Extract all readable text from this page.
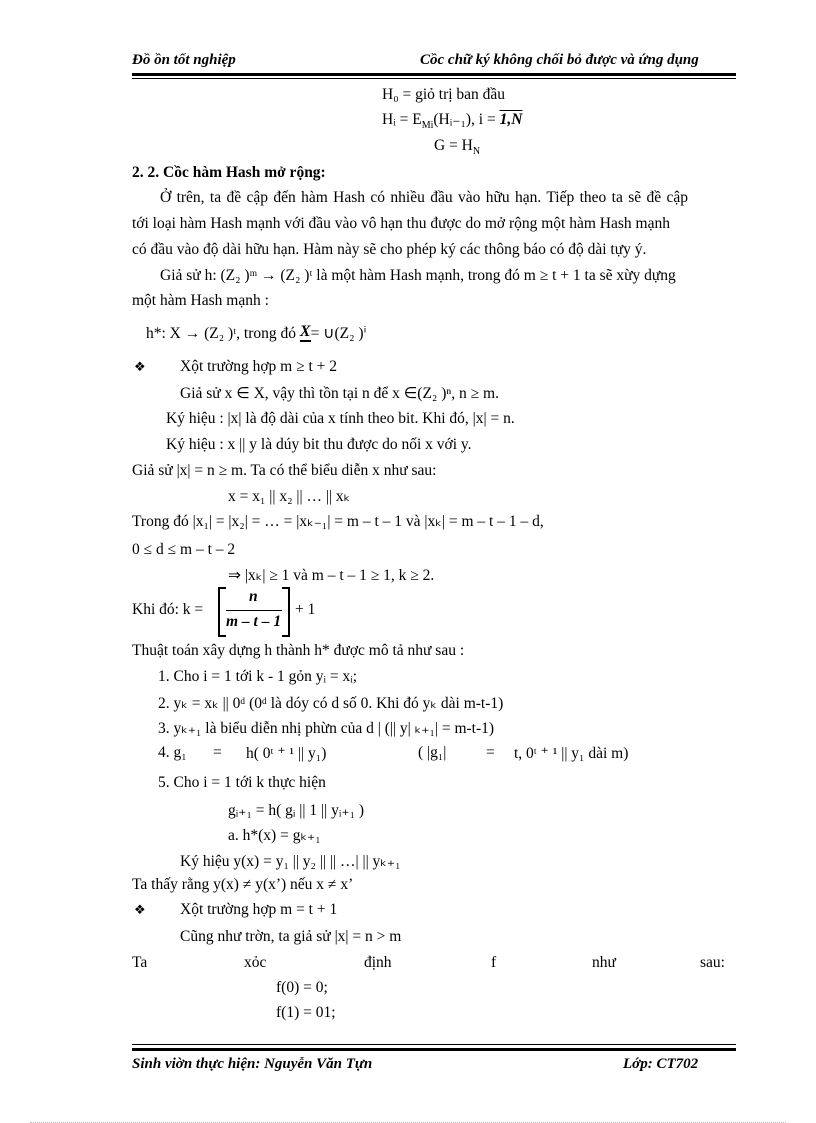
Đồ ồn tốt nghiệp	Cồc chữ ký không chối bỏ được và ứng dụng
H₀ = giỏ trị ban đầu
Hᵢ = $E_{Mi}(Hᵢ_{-1})$, i = 1,N
$G = H_N$
2. 2. Cồc hàm Hash mở rộng:
Ở trên, ta đề cập đến hàm Hash có nhiều đầu vào hữu hạn. Tiếp theo ta sẽ đề cập
tới loại hàm Hash mạnh với đầu vào vô hạn thu được do mở rộng một hàm Hash mạnh
có đầu vào độ dài hữu hạn. Hàm này sẽ cho phép ký các thông báo có độ dài tựy ý.
Giả sử h: (Z₂ )ᵐ → (Z₂ )ᵗ là một hàm Hash mạnh, trong đó m ≥ t + 1 ta sẽ xừy dựng
một hàm Hash mạnh :
h*: X → (Z₂ )ᵗ, trong đó X= ∪(Z₂ )ⁱ
❖ Xột trường hợp m ≥ t + 2
Giả sử x ∈ X, vậy thì tồn tại n để x ∈(Z₂ )ⁿ, n ≥ m.
Ký hiệu : |x| là độ dài của x tính theo bit. Khi đó, |x| = n.
Ký hiệu : x || y là dúy bit thu được do nối x với y.
Giả sử |x| = n ≥ m. Ta có thể biểu diễn x như sau:
x = x₁ || x₂ || … || xₖ
Trong đó |x₁| = |x₂| = … = |xₖ₋₁| = m – t – 1 và |xₖ| = m – t – 1 – d,
0 ≤ d ≤ m – t – 2
⇒ |xₖ| ≥ 1 và m – t – 1 ≥ 1, k ≥ 2.
Khi đó: k =
n
m – t – 1
+ 1
Thuật toán xây dựng h thành h* được mô tả như sau :
1. Cho i = 1 tới k - 1 gỏn yᵢ = xᵢ;
2. yₖ = xₖ || 0ᵈ (0ᵈ là dóy có d số 0. Khi đó yₖ dài m-t-1)
3. yₖ₊₁ là biểu diễn nhị phừn của d | (|| y| ₖ₊₁| = m-t-1)
4. g₁ = h( 0ᵗ ⁺ ¹ || y₁)	( |g₁|	= t, 0ᵗ ⁺ ¹ || y₁ dài m)
5. Cho i = 1 tới k thực hiện
gᵢ₊₁ = h( gᵢ || 1 || yᵢ₊₁ )
a. h*(x) = gₖ₊₁
Ký hiệu y(x) = y₁ || y₂ || || …| || yₖ₊₁
Ta thấy rằng y(x) ≠ y(x’) nếu x ≠ x’
❖ Xột trường hợp m = t + 1
Cũng như trờn, ta giả sử |x| = n > m
Ta	xỏc	định	f	như	sau:
f(0) = 0;
f(1) = 01;
Sinh viờn thực hiện: Nguyễn Văn Tựn	Lớp: CT702
